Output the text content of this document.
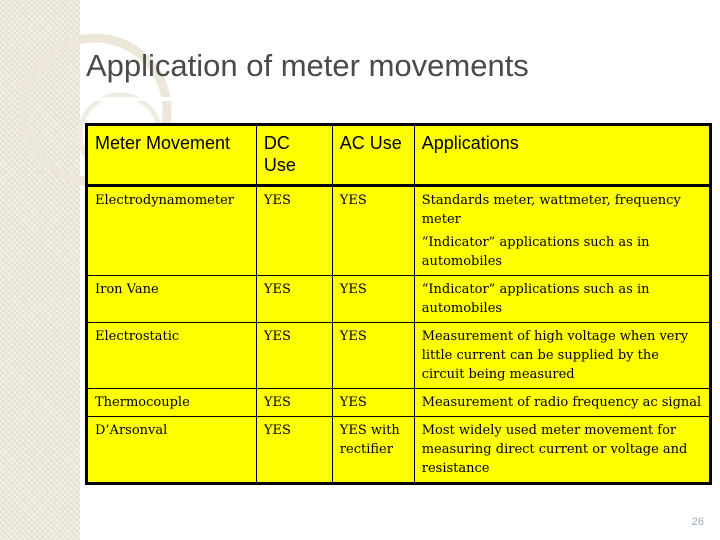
Application of meter movements
Meter Movement	DC Use	AC Use	Applications
Electrodynamometer	YES	YES	Standards meter, wattmeter, frequency meter
“Indicator” applications such as in automobiles

Iron Vane	YES	YES	“Indicator” applications such as in automobiles
Electrostatic	YES	YES	Measurement of high voltage when very little current can be supplied by the circuit being measured
Thermocouple	YES	YES	Measurement of radio frequency ac signal
D’Arsonval	YES	YES with rectifier	Most widely used meter movement for measuring direct current or voltage and resistance
26
